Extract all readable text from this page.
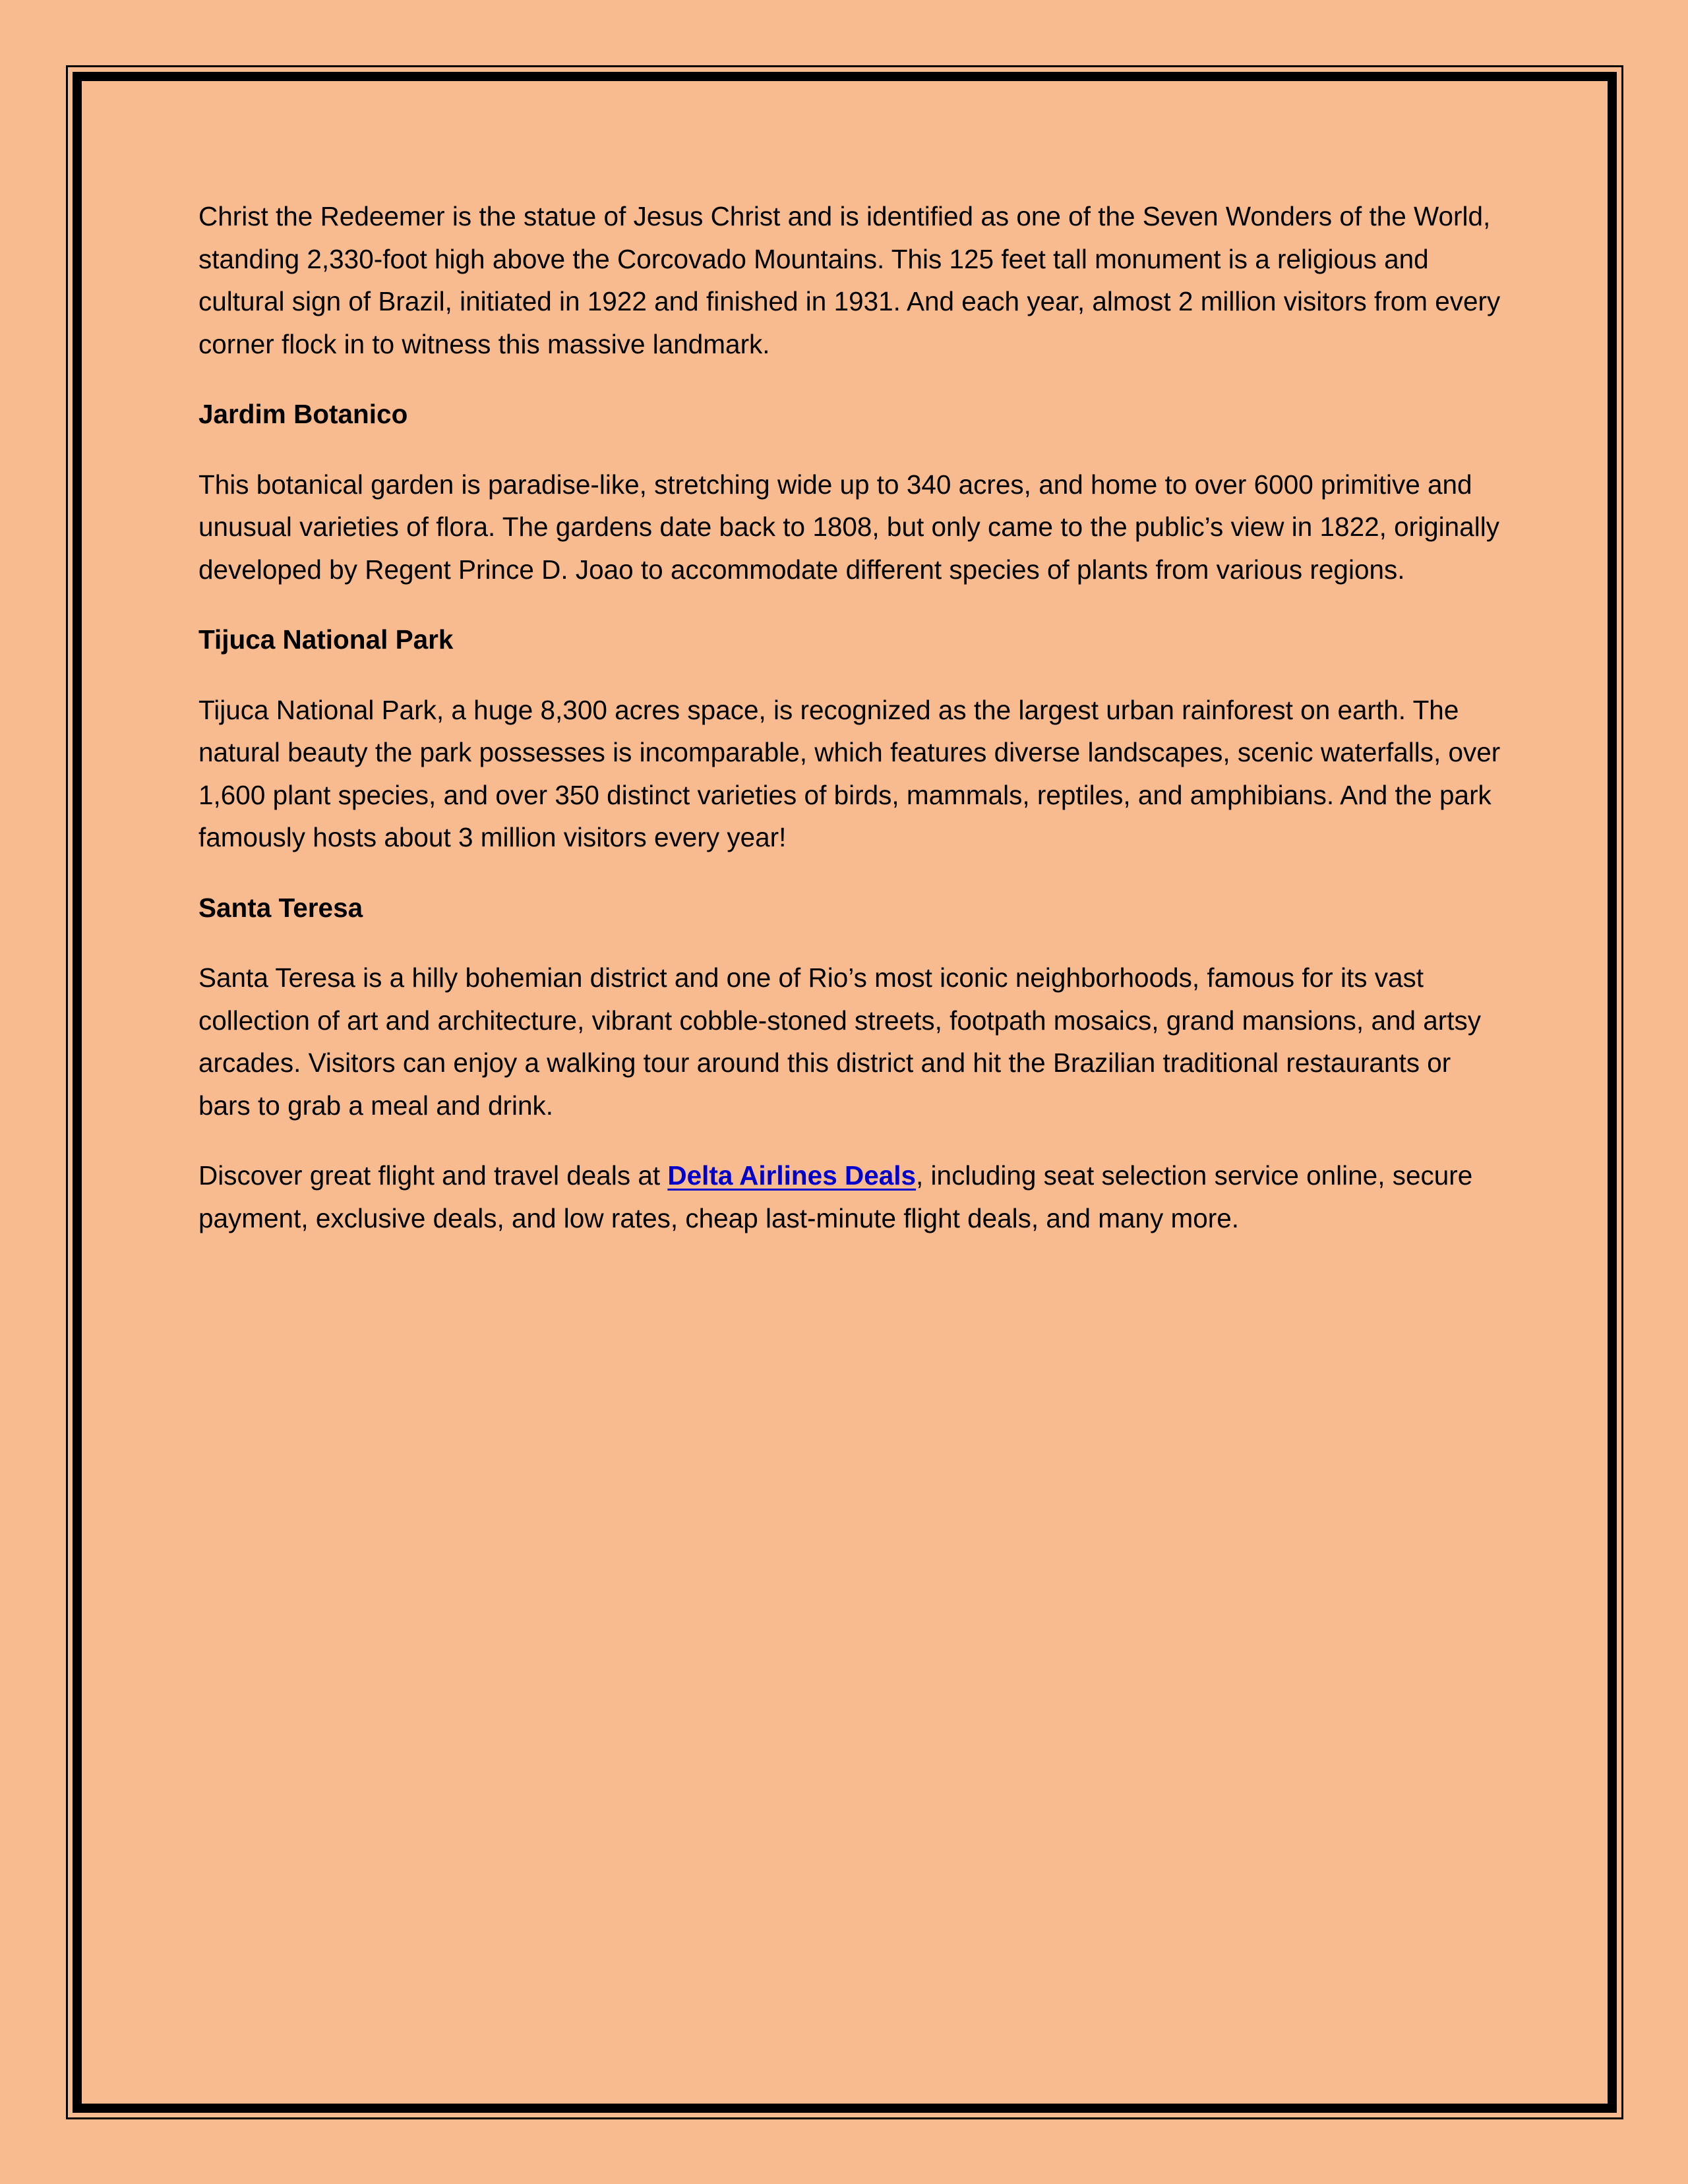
Christ the Redeemer is the statue of Jesus Christ and is identified as one of the Seven Wonders of the World, standing 2,330-foot high above the Corcovado Mountains. This 125 feet tall monument is a religious and cultural sign of Brazil, initiated in 1922 and finished in 1931. And each year, almost 2 million visitors from every corner flock in to witness this massive landmark.

Jardim Botanico

This botanical garden is paradise-like, stretching wide up to 340 acres, and home to over 6000 primitive and unusual varieties of flora. The gardens date back to 1808, but only came to the public’s view in 1822, originally developed by Regent Prince D. Joao to accommodate different species of plants from various regions.

Tijuca National Park

Tijuca National Park, a huge 8,300 acres space, is recognized as the largest urban rainforest on earth. The natural beauty the park possesses is incomparable, which features diverse landscapes, scenic waterfalls, over 1,600 plant species, and over 350 distinct varieties of birds, mammals, reptiles, and amphibians. And the park famously hosts about 3 million visitors every year!

Santa Teresa

Santa Teresa is a hilly bohemian district and one of Rio’s most iconic neighborhoods, famous for its vast collection of art and architecture, vibrant cobble-stoned streets, footpath mosaics, grand mansions, and artsy arcades. Visitors can enjoy a walking tour around this district and hit the Brazilian traditional restaurants or bars to grab a meal and drink.

Discover great flight and travel deals at Delta Airlines Deals, including seat selection service online, secure payment, exclusive deals, and low rates, cheap last-minute flight deals, and many more.
